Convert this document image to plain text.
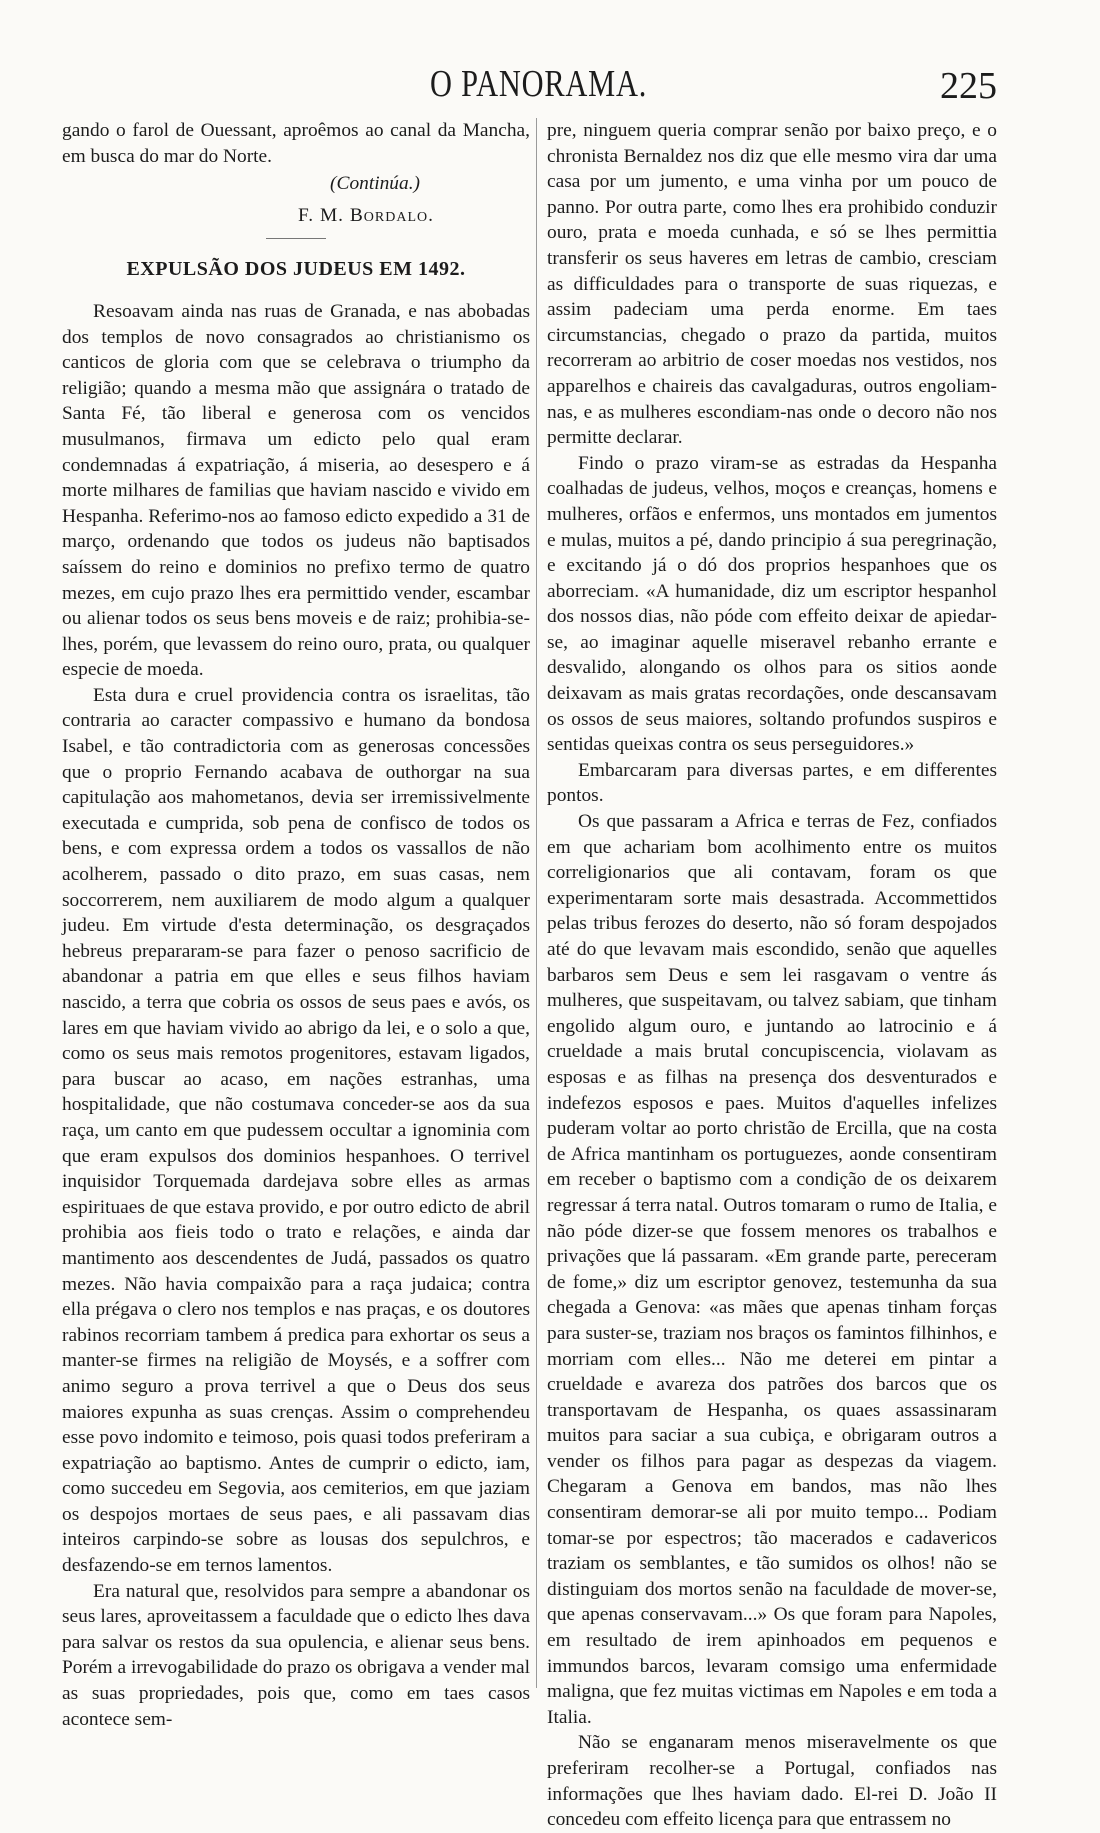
O PANORAMA.	225

gando o farol de Ouessant, aproêmos ao canal da Mancha, em busca do mar do Norte.

(Continúa.)
F. M. Bordalo.
EXPULSÃO DOS JUDEUS EM 1492.

Resoavam ainda nas ruas de Granada, e nas abobadas dos templos de novo consagrados ao christianismo os canticos de gloria com que se celebrava o triumpho da religião; quando a mesma mão que assignára o tratado de Santa Fé, tão liberal e generosa com os vencidos musulmanos, firmava um edicto pelo qual eram condemnadas á expatriação, á miseria, ao desespero e á morte milhares de familias que haviam nascido e vivido em Hespanha. Referimo-nos ao famoso edicto expedido a 31 de março, ordenando que todos os judeus não baptisados saíssem do reino e dominios no prefixo termo de quatro mezes, em cujo prazo lhes era permittido vender, escambar ou alienar todos os seus bens moveis e de raiz; prohibia-se-lhes, porém, que levassem do reino ouro, prata, ou qualquer especie de moeda.

Esta dura e cruel providencia contra os israelitas, tão contraria ao caracter compassivo e humano da bondosa Isabel, e tão contradictoria com as generosas concessões que o proprio Fernando acabava de outhorgar na sua capitulação aos mahometanos, devia ser irremissivelmente executada e cumprida, sob pena de confisco de todos os bens, e com expressa ordem a todos os vassallos de não acolherem, passado o dito prazo, em suas casas, nem soccorrerem, nem auxiliarem de modo algum a qualquer judeu. Em virtude d'esta determinação, os desgraçados hebreus prepararam-se para fazer o penoso sacrificio de abandonar a patria em que elles e seus filhos haviam nascido, a terra que cobria os ossos de seus paes e avós, os lares em que haviam vivido ao abrigo da lei, e o solo a que, como os seus mais remotos progenitores, estavam ligados, para buscar ao acaso, em nações estranhas, uma hospitalidade, que não costumava conceder-se aos da sua raça, um canto em que pudessem occultar a ignominia com que eram expulsos dos dominios hespanhoes. O terrivel inquisidor Torquemada dardejava sobre elles as armas espirituaes de que estava provido, e por outro edicto de abril prohibia aos fieis todo o trato e relações, e ainda dar mantimento aos descendentes de Judá, passados os quatro mezes. Não havia compaixão para a raça judaica; contra ella prégava o clero nos templos e nas praças, e os doutores rabinos recorriam tambem á predica para exhortar os seus a manter-se firmes na religião de Moysés, e a soffrer com animo seguro a prova terrivel a que o Deus dos seus maiores expunha as suas crenças. Assim o comprehendeu esse povo indomito e teimoso, pois quasi todos preferiram a expatriação ao baptismo. Antes de cumprir o edicto, iam, como succedeu em Segovia, aos cemiterios, em que jaziam os despojos mortaes de seus paes, e ali passavam dias inteiros carpindo-se sobre as lousas dos sepulchros, e desfazendo-se em ternos lamentos.

Era natural que, resolvidos para sempre a abandonar os seus lares, aproveitassem a faculdade que o edicto lhes dava para salvar os restos da sua opulencia, e alienar seus bens. Porém a irrevogabilidade do prazo os obrigava a vender mal as suas propriedades, pois que, como em taes casos acontece sem-

pre, ninguem queria comprar senão por baixo preço, e o chronista Bernaldez nos diz que elle mesmo vira dar uma casa por um jumento, e uma vinha por um pouco de panno. Por outra parte, como lhes era prohibido conduzir ouro, prata e moeda cunhada, e só se lhes permittia transferir os seus haveres em letras de cambio, cresciam as difficuldades para o transporte de suas riquezas, e assim padeciam uma perda enorme. Em taes circumstancias, chegado o prazo da partida, muitos recorreram ao arbitrio de coser moedas nos vestidos, nos apparelhos e chaireis das cavalgaduras, outros engoliam-nas, e as mulheres escondiam-nas onde o decoro não nos permitte declarar.

Findo o prazo viram-se as estradas da Hespanha coalhadas de judeus, velhos, moços e creanças, homens e mulheres, orfãos e enfermos, uns montados em jumentos e mulas, muitos a pé, dando principio á sua peregrinação, e excitando já o dó dos proprios hespanhoes que os aborreciam. «A humanidade, diz um escriptor hespanhol dos nossos dias, não póde com effeito deixar de apiedar-se, ao imaginar aquelle miseravel rebanho errante e desvalido, alongando os olhos para os sitios aonde deixavam as mais gratas recordações, onde descansavam os ossos de seus maiores, soltando profundos suspiros e sentidas queixas contra os seus perseguidores.»

Embarcaram para diversas partes, e em differentes pontos.

Os que passaram a Africa e terras de Fez, confiados em que achariam bom acolhimento entre os muitos correligionarios que ali contavam, foram os que experimentaram sorte mais desastrada. Accommettidos pelas tribus ferozes do deserto, não só foram despojados até do que levavam mais escondido, senão que aquelles barbaros sem Deus e sem lei rasgavam o ventre ás mulheres, que suspeitavam, ou talvez sabiam, que tinham engolido algum ouro, e juntando ao latrocinio e á crueldade a mais brutal concupiscencia, violavam as esposas e as filhas na presença dos desventurados e indefezos esposos e paes. Muitos d'aquelles infelizes puderam voltar ao porto christão de Ercilla, que na costa de Africa mantinham os portuguezes, aonde consentiram em receber o baptismo com a condição de os deixarem regressar á terra natal. Outros tomaram o rumo de Italia, e não póde dizer-se que fossem menores os trabalhos e privações que lá passaram. «Em grande parte, pereceram de fome,» diz um escriptor genovez, testemunha da sua chegada a Genova: «as mães que apenas tinham forças para suster-se, traziam nos braços os famintos filhinhos, e morriam com elles... Não me deterei em pintar a crueldade e avareza dos patrões dos barcos que os transportavam de Hespanha, os quaes assassinaram muitos para saciar a sua cubiça, e obrigaram outros a vender os filhos para pagar as despezas da viagem. Chegaram a Genova em bandos, mas não lhes consentiram demorar-se ali por muito tempo... Podiam tomar-se por espectros; tão macerados e cadavericos traziam os semblantes, e tão sumidos os olhos! não se distinguiam dos mortos senão na faculdade de mover-se, que apenas conservavam...» Os que foram para Napoles, em resultado de irem apinhoados em pequenos e immundos barcos, levaram comsigo uma enfermidade maligna, que fez muitas victimas em Napoles e em toda a Italia.

Não se enganaram menos miseravelmente os que preferiram recolher-se a Portugal, confiados nas informações que lhes haviam dado. El-rei D. João II concedeu com effeito licença para que entrassem no
